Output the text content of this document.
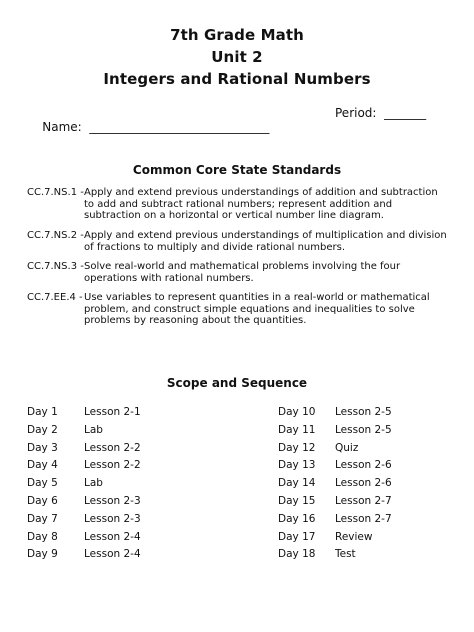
7th Grade Math
Unit 2
Integers and Rational Numbers

Name:  ______________________________

Period:  _______

Common Core State Standards
CC.7.NS.1 - Apply and extend previous understandings of addition and subtraction to add and subtract rational numbers; represent addition and subtraction on a horizontal or vertical number line diagram.
CC.7.NS.2 - Apply and extend previous understandings of multiplication and division of fractions to multiply and divide rational numbers.
CC.7.NS.3 - Solve real-world and mathematical problems involving the four operations with rational numbers.
CC.7.EE.4 - Use variables to represent quantities in a real-world or mathematical problem, and construct simple equations and inequalities to solve problems by reasoning about the quantities.
Scope and Sequence
Day 1 Lesson 2-1
Day 2 Lab
Day 3 Lesson 2-2
Day 4 Lesson 2-2
Day 5 Lab
Day 6 Lesson 2-3
Day 7 Lesson 2-3
Day 8 Lesson 2-4
Day 9 Lesson 2-4
Day 10 Lesson 2-5
Day 11 Lesson 2-5
Day 12 Quiz
Day 13 Lesson 2-6
Day 14 Lesson 2-6
Day 15 Lesson 2-7
Day 16 Lesson 2-7
Day 17 Review
Day 18 Test
